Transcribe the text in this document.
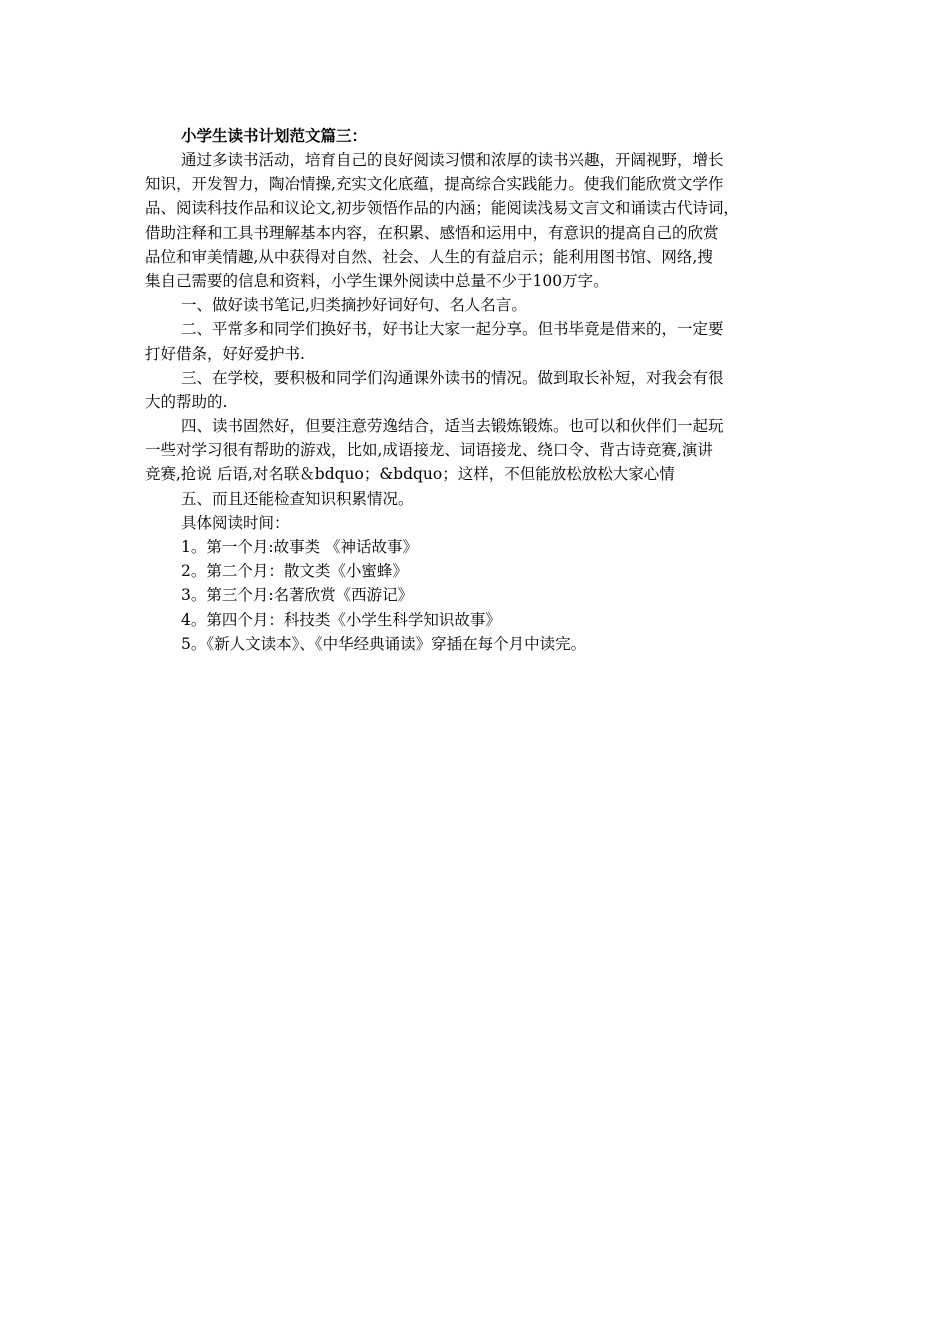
小学生读书计划范文篇三：
通过多读书活动，培育自己的良好阅读习惯和浓厚的读书兴趣，开阔视野，增长
知识，开发智力，陶冶情操,充实文化底蕴，提高综合实践能力。使我们能欣赏文学作
品、阅读科技作品和议论文,初步领悟作品的内涵；能阅读浅易文言文和诵读古代诗词，
借助注释和工具书理解基本内容，在积累、感悟和运用中，有意识的提高自己的欣赏
品位和审美情趣,从中获得对自然、社会、人生的有益启示；能利用图书馆、网络,搜
集自己需要的信息和资料，小学生课外阅读中总量不少于100万字。
一、做好读书笔记,归类摘抄好词好句、名人名言。
二、平常多和同学们换好书，好书让大家一起分享。但书毕竟是借来的，一定要
打好借条，好好爱护书.
三、在学校，要积极和同学们沟通课外读书的情况。做到取长补短，对我会有很
大的帮助的.
四、读书固然好，但要注意劳逸结合，适当去锻炼锻炼。也可以和伙伴们一起玩
一些对学习很有帮助的游戏，比如,成语接龙、词语接龙、绕口令、背古诗竞赛,演讲
竞赛,抢说 后语,对名联＆bdquo；&bdquo；这样，不但能放松放松大家心情
五、而且还能检查知识积累情况。
具体阅读时间：
1。第一个月:故事类 《神话故事》
2。第二个月：散文类《小蜜蜂》
3。第三个月:名著欣赏《西游记》
4。第四个月：科技类《小学生科学知识故事》
5。《新人文读本》、《中华经典诵读》穿插在每个月中读完。
